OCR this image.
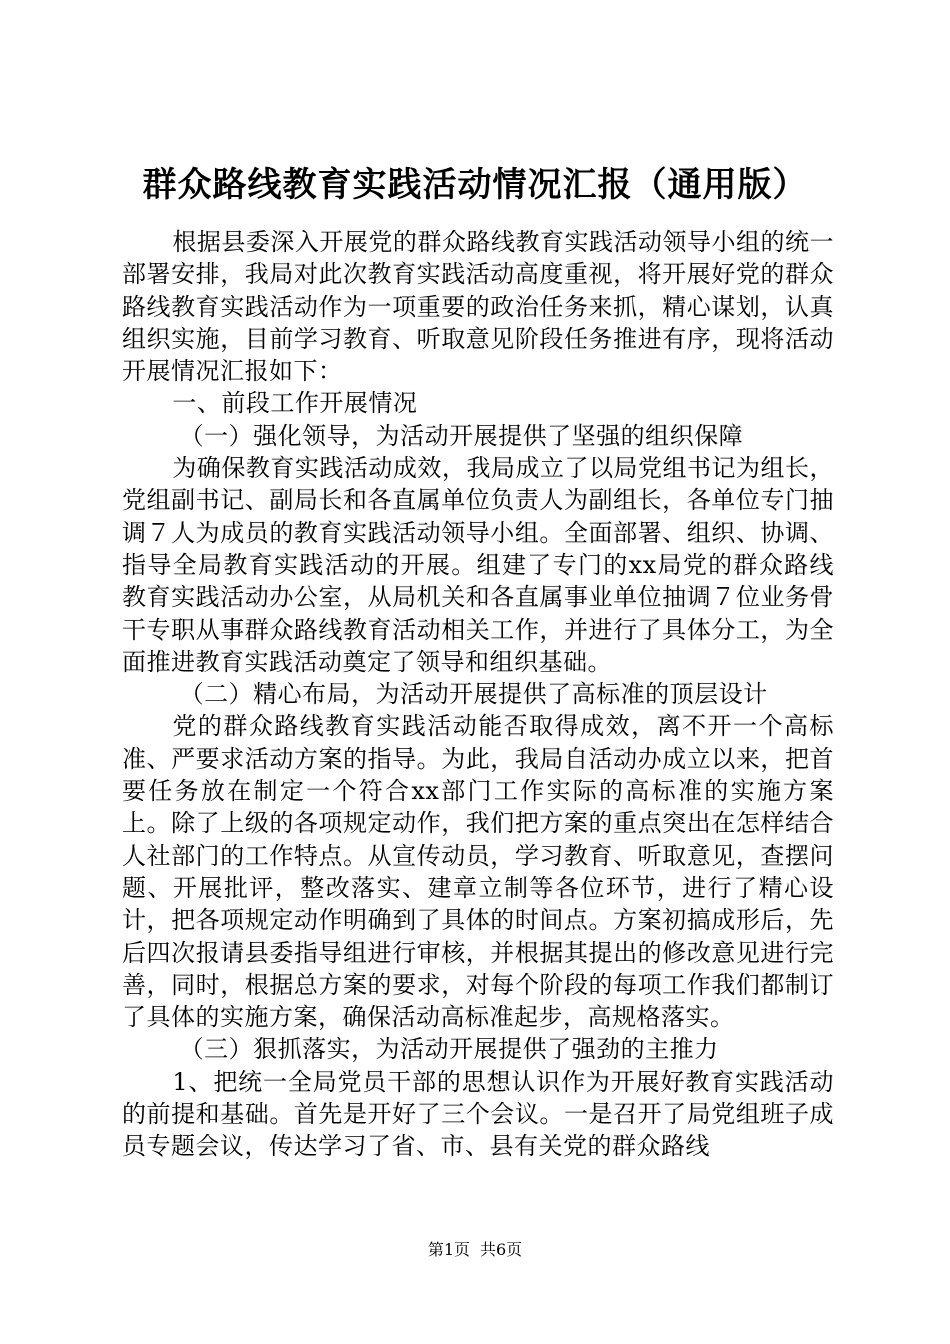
群众路线教育实践活动情况汇报（通用版）

根据县委深入开展党的群众路线教育实践活动领导小组的统一部署安排，我局对此次教育实践活动高度重视，将开展好党的群众路线教育实践活动作为一项重要的政治任务来抓，精心谋划，认真组织实施，目前学习教育、听取意见阶段任务推进有序，现将活动开展情况汇报如下：

一、前段工作开展情况

（一）强化领导，为活动开展提供了坚强的组织保障

为确保教育实践活动成效，我局成立了以局党组书记为组长，党组副书记、副局长和各直属单位负责人为副组长，各单位专门抽调７人为成员的教育实践活动领导小组。全面部署、组织、协调、指导全局教育实践活动的开展。组建了专门的xx局党的群众路线教育实践活动办公室，从局机关和各直属事业单位抽调７位业务骨干专职从事群众路线教育活动相关工作，并进行了具体分工，为全面推进教育实践活动奠定了领导和组织基础。

（二）精心布局，为活动开展提供了高标准的顶层设计

党的群众路线教育实践活动能否取得成效，离不开一个高标准、严要求活动方案的指导。为此，我局自活动办成立以来，把首要任务放在制定一个符合xx部门工作实际的高标准的实施方案上。除了上级的各项规定动作，我们把方案的重点突出在怎样结合人社部门的工作特点。从宣传动员，学习教育、听取意见，查摆问题、开展批评，整改落实、建章立制等各位环节，进行了精心设计，把各项规定动作明确到了具体的时间点。方案初搞成形后，先后四次报请县委指导组进行审核，并根据其提出的修改意见进行完善，同时，根据总方案的要求，对每个阶段的每项工作我们都制订了具体的实施方案，确保活动高标准起步，高规格落实。

（三）狠抓落实，为活动开展提供了强劲的主推力

1、把统一全局党员干部的思想认识作为开展好教育实践活动的前提和基础。首先是开好了三个会议。一是召开了局党组班子成员专题会议，传达学习了省、市、县有关党的群众路线

第1页 共6页
